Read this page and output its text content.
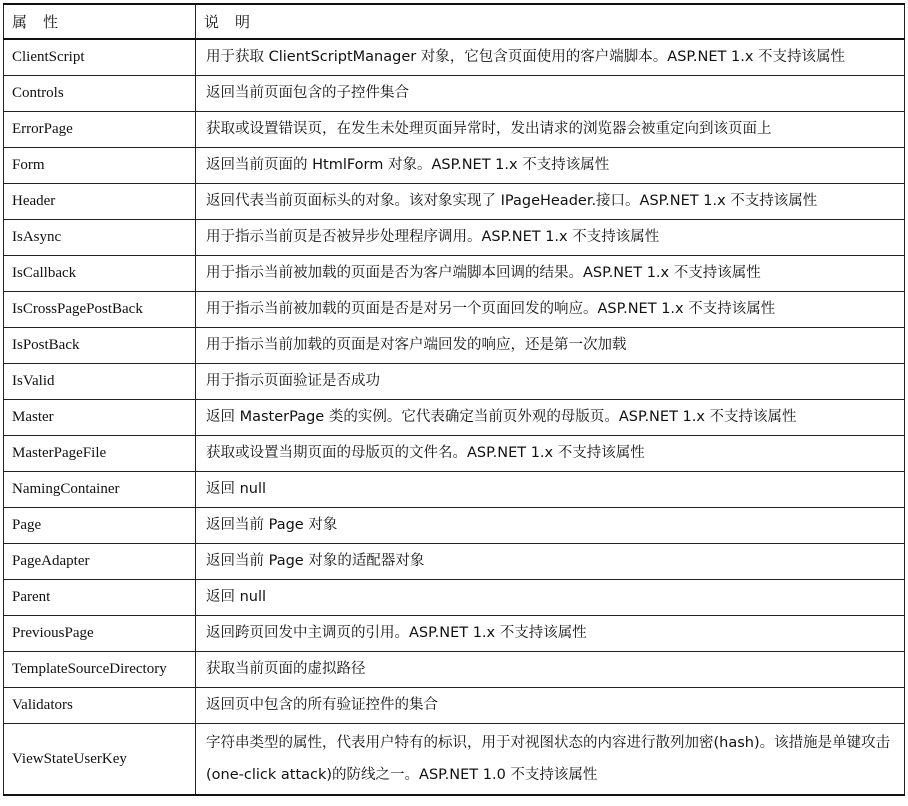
属　性	说　明
ClientScript	用于获取 ClientScriptManager 对象，它包含页面使用的客户端脚本。ASP.NET 1.x 不支持该属性
Controls	返回当前页面包含的子控件集合
ErrorPage	获取或设置错误页，在发生未处理页面异常时，发出请求的浏览器会被重定向到该页面上
Form	返回当前页面的 HtmlForm 对象。ASP.NET 1.x 不支持该属性
Header	返回代表当前页面标头的对象。该对象实现了 IPageHeader.接口。ASP.NET 1.x 不支持该属性
IsAsync	用于指示当前页是否被异步处理程序调用。ASP.NET 1.x 不支持该属性
IsCallback	用于指示当前被加载的页面是否为客户端脚本回调的结果。ASP.NET 1.x 不支持该属性
IsCrossPagePostBack	用于指示当前被加载的页面是否是对另一个页面回发的响应。ASP.NET 1.x 不支持该属性
IsPostBack	用于指示当前加载的页面是对客户端回发的响应，还是第一次加载
IsValid	用于指示页面验证是否成功
Master	返回 MasterPage 类的实例。它代表确定当前页外观的母版页。ASP.NET 1.x 不支持该属性
MasterPageFile	获取或设置当期页面的母版页的文件名。ASP.NET 1.x 不支持该属性
NamingContainer	返回 null
Page	返回当前 Page 对象
PageAdapter	返回当前 Page 对象的适配器对象
Parent	返回 null
PreviousPage	返回跨页回发中主调页的引用。ASP.NET 1.x 不支持该属性
TemplateSourceDirectory	获取当前页面的虚拟路径
Validators	返回页中包含的所有验证控件的集合
ViewStateUserKey	字符串类型的属性，代表用户特有的标识，用于对视图状态的内容进行散列加密(hash)。该措施是单键攻击(one-click attack)的防线之一。ASP.NET 1.0 不支持该属性
